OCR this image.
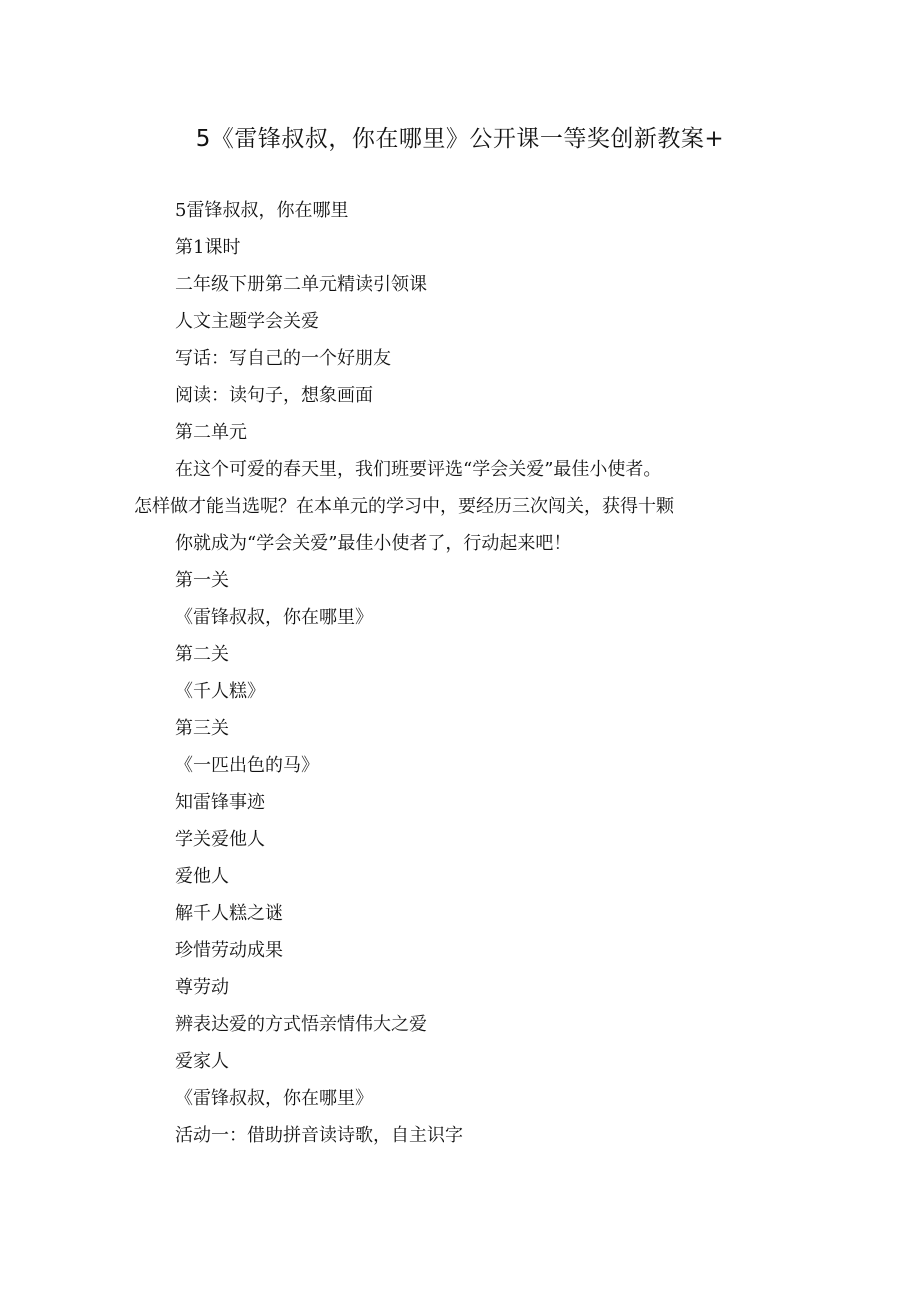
5《雷锋叔叔，你在哪里》公开课一等奖创新教案+
5雷锋叔叔，你在哪里
第1课时
二年级下册第二单元精读引领课
人文主题学会关爱
写话：写自己的一个好朋友
阅读：读句子，想象画面
第二单元
在这个可爱的春天里，我们班要评选“学会关爱”最佳小使者。
怎样做才能当选呢？在本单元的学习中，要经历三次闯关，获得十颗
你就成为“学会关爱”最佳小使者了，行动起来吧！
第一关
《雷锋叔叔，你在哪里》
第二关
《千人糕》
第三关
《一匹出色的马》
知雷锋事迹
学关爱他人
爱他人
解千人糕之谜
珍惜劳动成果
尊劳动
辨表达爱的方式悟亲情伟大之爱
爱家人
《雷锋叔叔，你在哪里》
活动一：借助拼音读诗歌，自主识字
